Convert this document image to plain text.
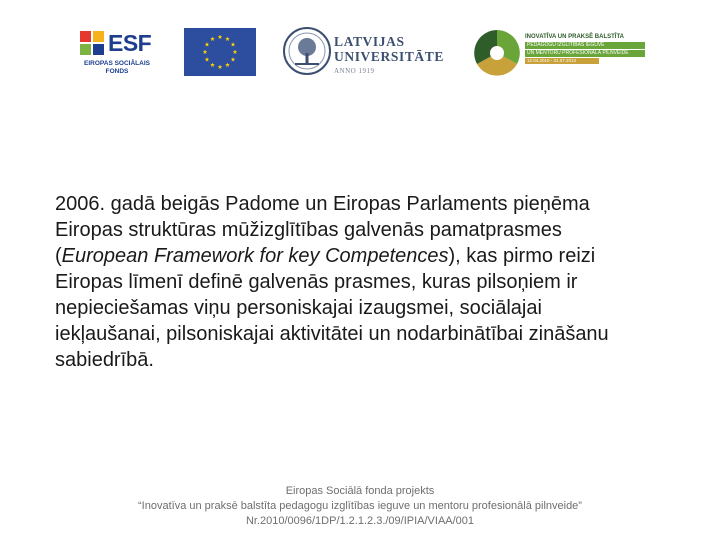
ESF
EIROPAS SOCIĀLAIS
FONDS
LATVIJAS
UNIVERSITĀTE
ANNO 1919
INOVATĪVA UN PRAKSĒ BALSTĪTA
PEDAGOGU IZGLĪTĪBAS IEGUVE
UN MENTORU PROFESIONĀLĀ PILNVEIDE
12.04.2010 - 31.07.2013

2006. gadā beigās Padome un Eiropas Parlaments pieņēma Eiropas struktūras mūžizglītības galvenās pamatprasmes (European Framework for key Competences), kas pirmo reizi Eiropas līmenī definē galvenās prasmes, kuras pilsoņiem ir nepieciešamas viņu personiskajai izaugsmei, sociālajai iekļaušanai, pilsoniskajai aktivitātei un nodarbinātībai zināšanu sabiedrībā.

Eiropas Sociālā fonda projekts
“Inovatīva un praksē balstīta pedagogu izglītības ieguve un mentoru profesionālā pilnveide”
Nr.2010/0096/1DP/1.2.1.2.3./09/IPIA/VIAA/001
